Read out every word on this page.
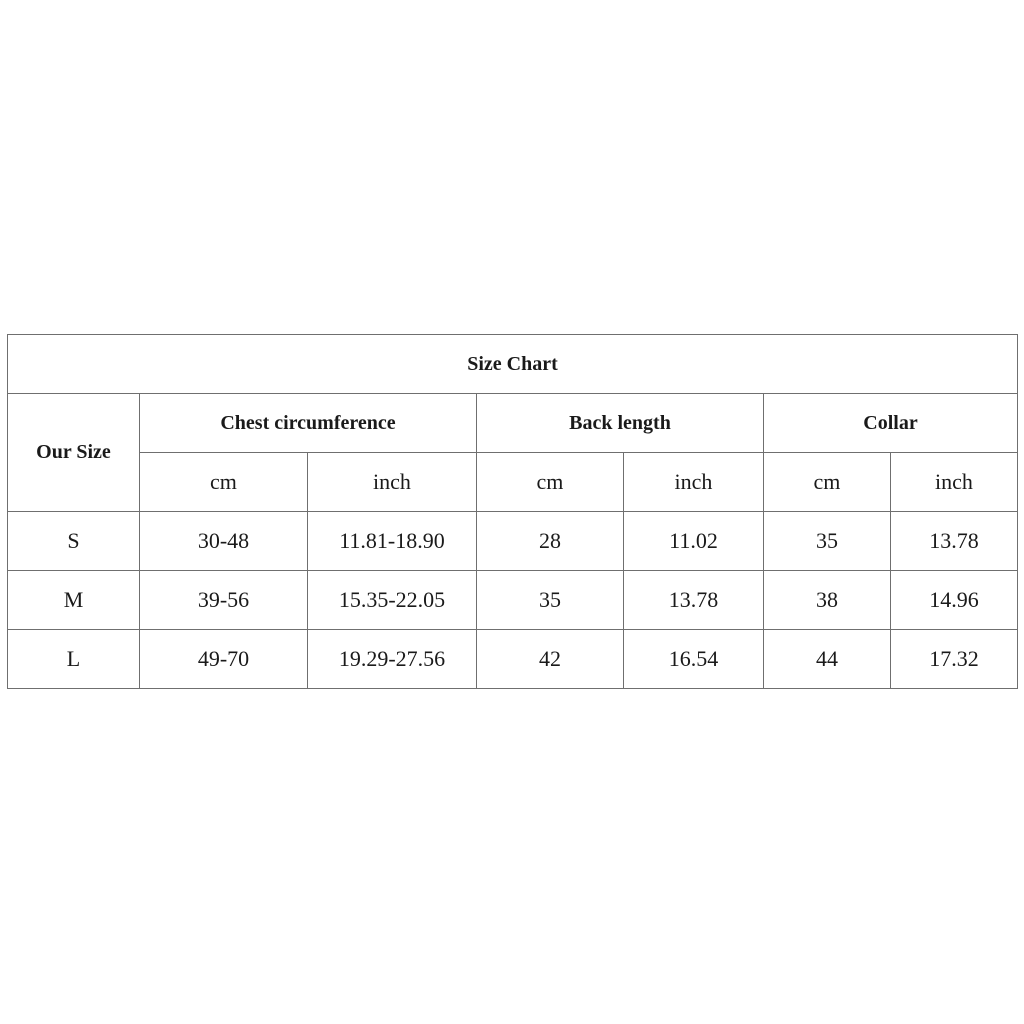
Size Chart						
Our Size	Chest circumference		Back length		Collar	
	cm	inch	cm	inch	cm	inch
S	30-48	11.81-18.90	28	11.02	35	13.78
M	39-56	15.35-22.05	35	13.78	38	14.96
L	49-70	19.29-27.56	42	16.54	44	17.32
